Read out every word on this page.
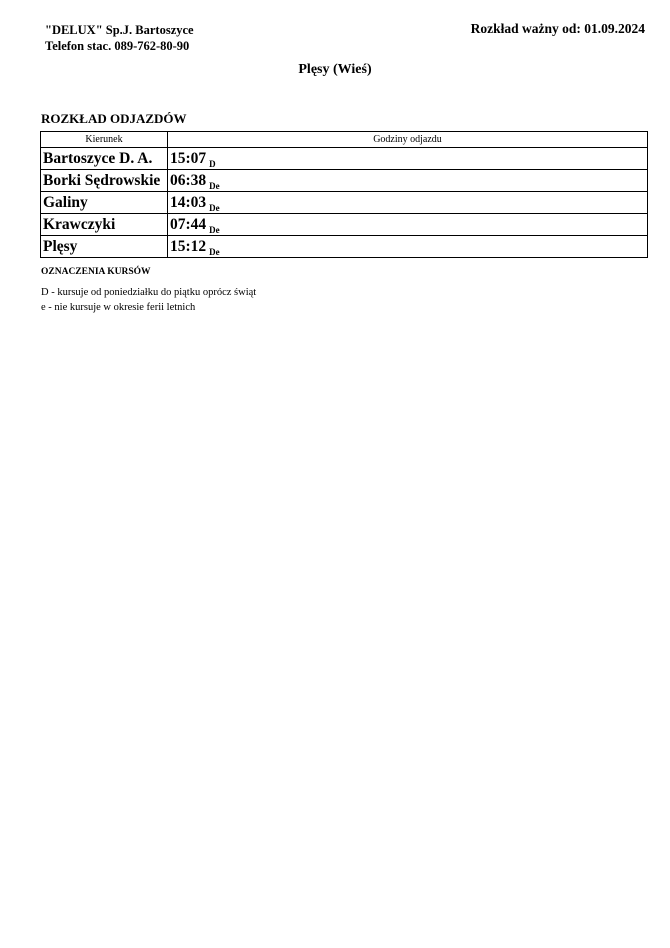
"DELUX" Sp.J. Bartoszyce
Telefon stac. 089-762-80-90
Rozkład ważny od: 01.09.2024
Plęsy (Wieś)
ROZKŁAD ODJAZDÓW
Kierunek	Godziny odjazdu
Bartoszyce D. A.	15:07 $_D$
Borki Sędrowskie	06:38 $_{De}$
Galiny	14:03 $_{De}$
Krawczyki	07:44 $_{De}$
Plęsy	15:12 $_{De}$
OZNACZENIA KURSÓW
D - kursuje od poniedziałku do piątku oprócz świąt
e - nie kursuje w okresie ferii letnich
